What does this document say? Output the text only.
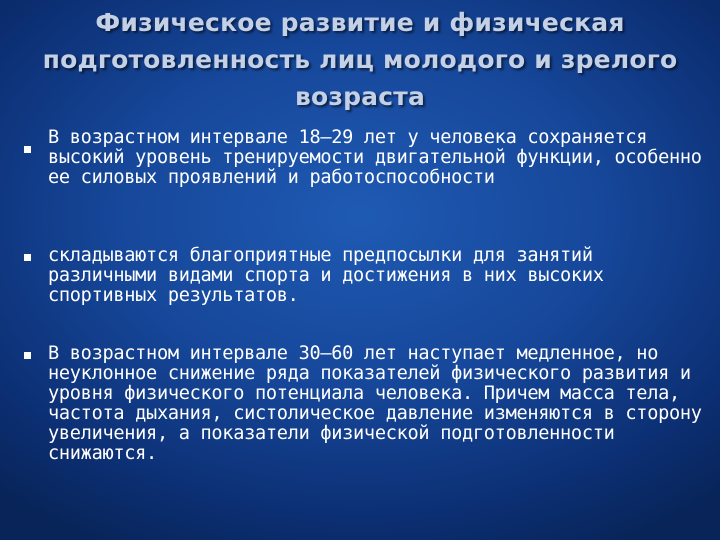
Физическое развитие и физическая подготовленность лиц молодого и зрелого возраста
В возрастном интервале 18—29 лет у человека сохраняется высокий уровень тренируемости двигательной функции, особенно ее силовых проявлений и работоспособности
складываются благоприятные предпосылки для занятий различными видами спорта и достижения в них высоких спортивных результатов.
В возрастном интервале 30—60 лет наступает медленное, но неуклонное снижение ряда показателей физического развития и уровня физического потенциала человека. Причем масса тела, частота дыхания, систолическое давление изменяются в сторону увеличения, а показатели физической подготовленности снижаются.
